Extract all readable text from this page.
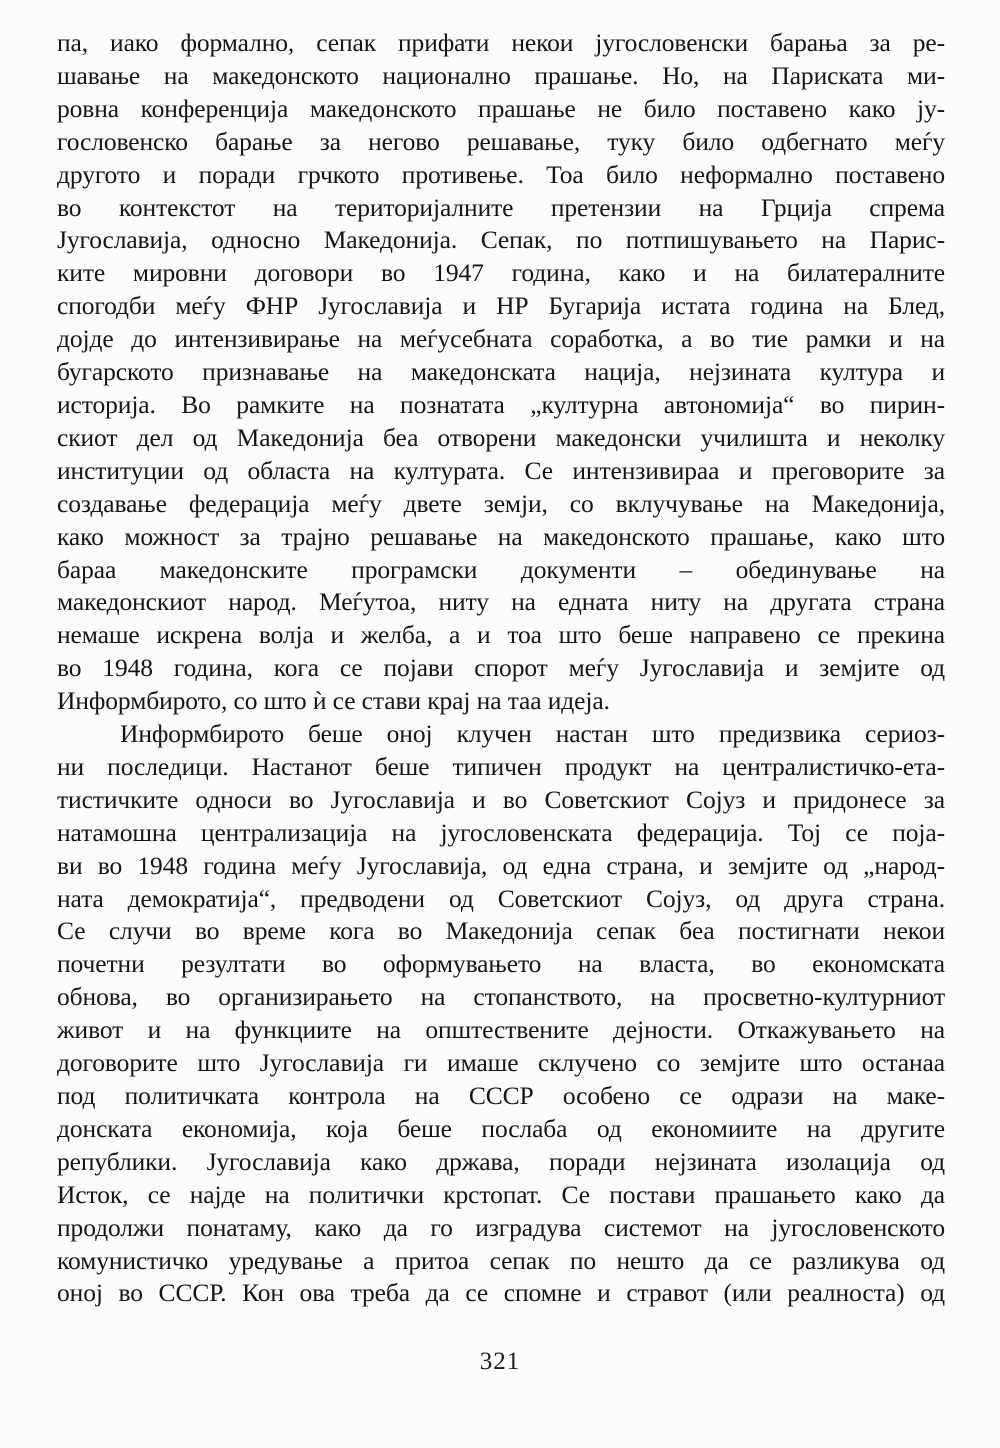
па, иако формално, сепак прифати некои југословенски барања за ре-
шавање на македонското национално прашање. Но, на Париската ми-
ровна конференција македонското прашање не било поставено како ју-
гословенско барање за негово решавање, туку било одбегнато меѓу
другото и поради грчкото противење. Тоа било неформално поставено
во контекстот на територијалните претензии на Грција спрема
Југославија, односно Македонија. Сепак, по потпишувањето на Парис-
ките мировни договори во 1947 година, како и на билатералните
спогодби меѓу ФНР Југославија и НР Бугарија истата година на Блед,
дојде до интензивирање на меѓусебната соработка, а во тие рамки и на
бугарското признавање на македонската нација, нејзината култура и
историја. Во рамките на познатата „културна автономија“ во пирин-
скиот дел од Македонија беа отворени македонски училишта и неколку
институции од областа на културата. Се интензивираа и преговорите за
создавање федерација меѓу двете земји, со вклучување на Македонија,
како можност за трајно решавање на македонското прашање, како што
бараа македонските програмски документи – обединување на
македонскиот народ. Меѓутоа, ниту на едната ниту на другата страна
немаше искрена волја и желба, а и тоа што беше направено се прекина
во 1948 година, кога се појави спорот меѓу Југославија и земјите од
Информбирото, со што ѝ се стави крај на таа идеја.
Информбирото беше оној клучен настан што предизвика сериоз-
ни последици. Настанот беше типичен продукт на централистичко-ета-
тистичките односи во Југославија и во Советскиот Сојуз и придонесе за
натамошна централизација на југословенската федерација. Тој се поја-
ви во 1948 година меѓу Југославија, од една страна, и земјите од „народ-
ната демократија“, предводени од Советскиот Сојуз, од друга страна.
Се случи во време кога во Македонија сепак беа постигнати некои
почетни резултати во оформувањето на власта, во економската
обнова, во организирањето на стопанството, на просветно-културниот
живот и на функциите на општествените дејности. Откажувањето на
договорите што Југославија ги имаше склучено со земјите што останаа
под политичката контрола на СССР особено се одрази на маке-
донската економија, која беше послаба од економиите на другите
републики. Југославија како држава, поради нејзината изолација од
Исток, се најде на политички крстопат. Се постави прашањето како да
продолжи понатаму, како да го изградува системот на југословенското
комунистичко уредување а притоа сепак по нешто да се разликува од
оној во СССР. Кон ова треба да се спомне и стравот (или реалноста) од
321
